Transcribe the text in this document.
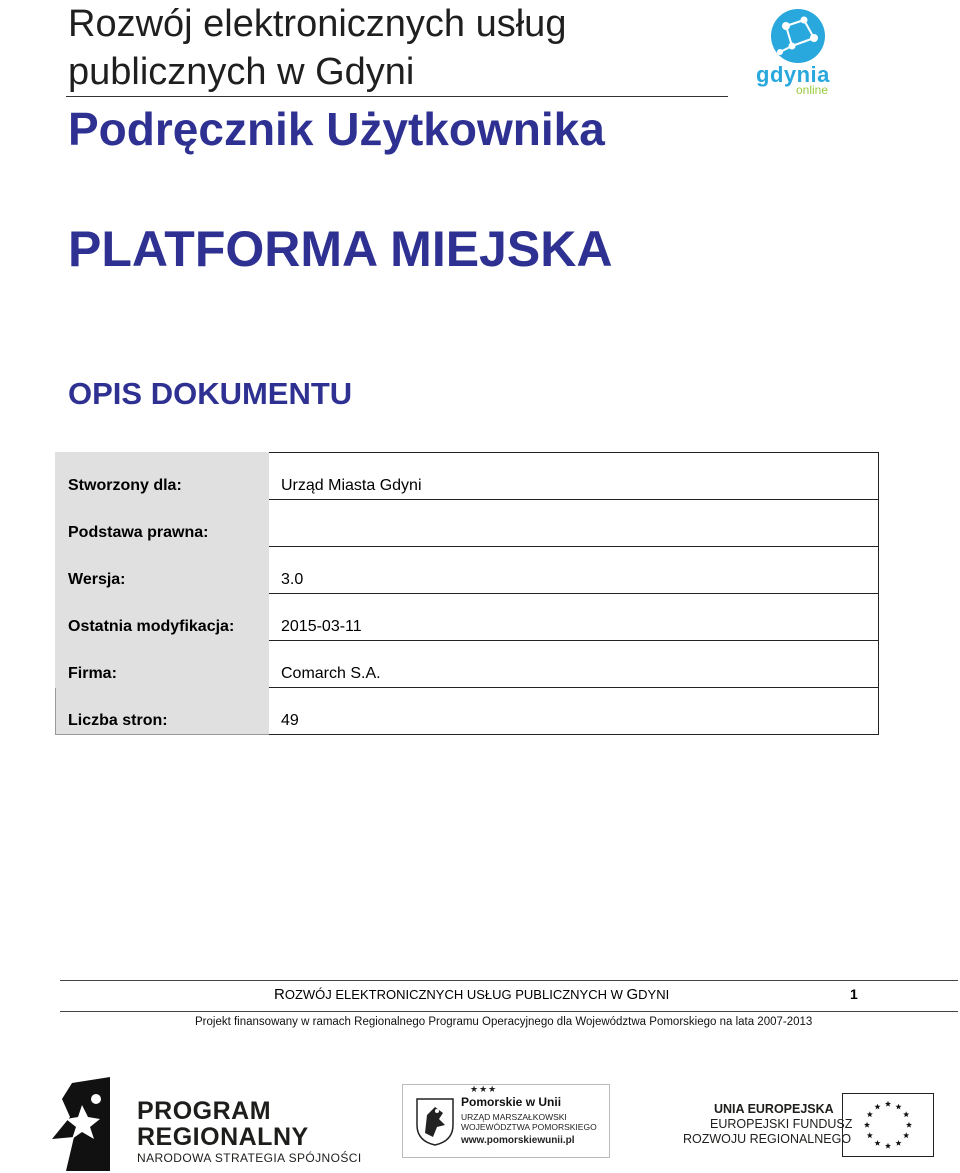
Rozwój elektronicznych usług publicznych w Gdyni
Podręcznik Użytkownika
gdynia
online
PLATFORMA MIEJSKA
OPIS DOKUMENTU
Stworzony dla:	Urząd Miasta Gdyni
Podstawa prawna:	
Wersja:	3.0
Ostatnia modyfikacja:	2015-03-11
Firma:	Comarch S.A.
Liczba stron:	49
ROZWÓJ ELEKTRONICZNYCH USŁUG PUBLICZNYCH W GDYNI	1
Projekt finansowany w ramach Regionalnego Programu Operacyjnego dla Województwa Pomorskiego na lata 2007-2013
PROGRAM
REGIONALNY
NARODOWA STRATEGIA SPÓJNOŚCI
★★★
Pomorskie w Unii
URZĄD MARSZAŁKOWSKI
WOJEWÓDZTWA POMORSKIEGO
www.pomorskiewunii.pl
UNIA EUROPEJSKA
EUROPEJSKI FUNDUSZ
ROZWOJU REGIONALNEGO
